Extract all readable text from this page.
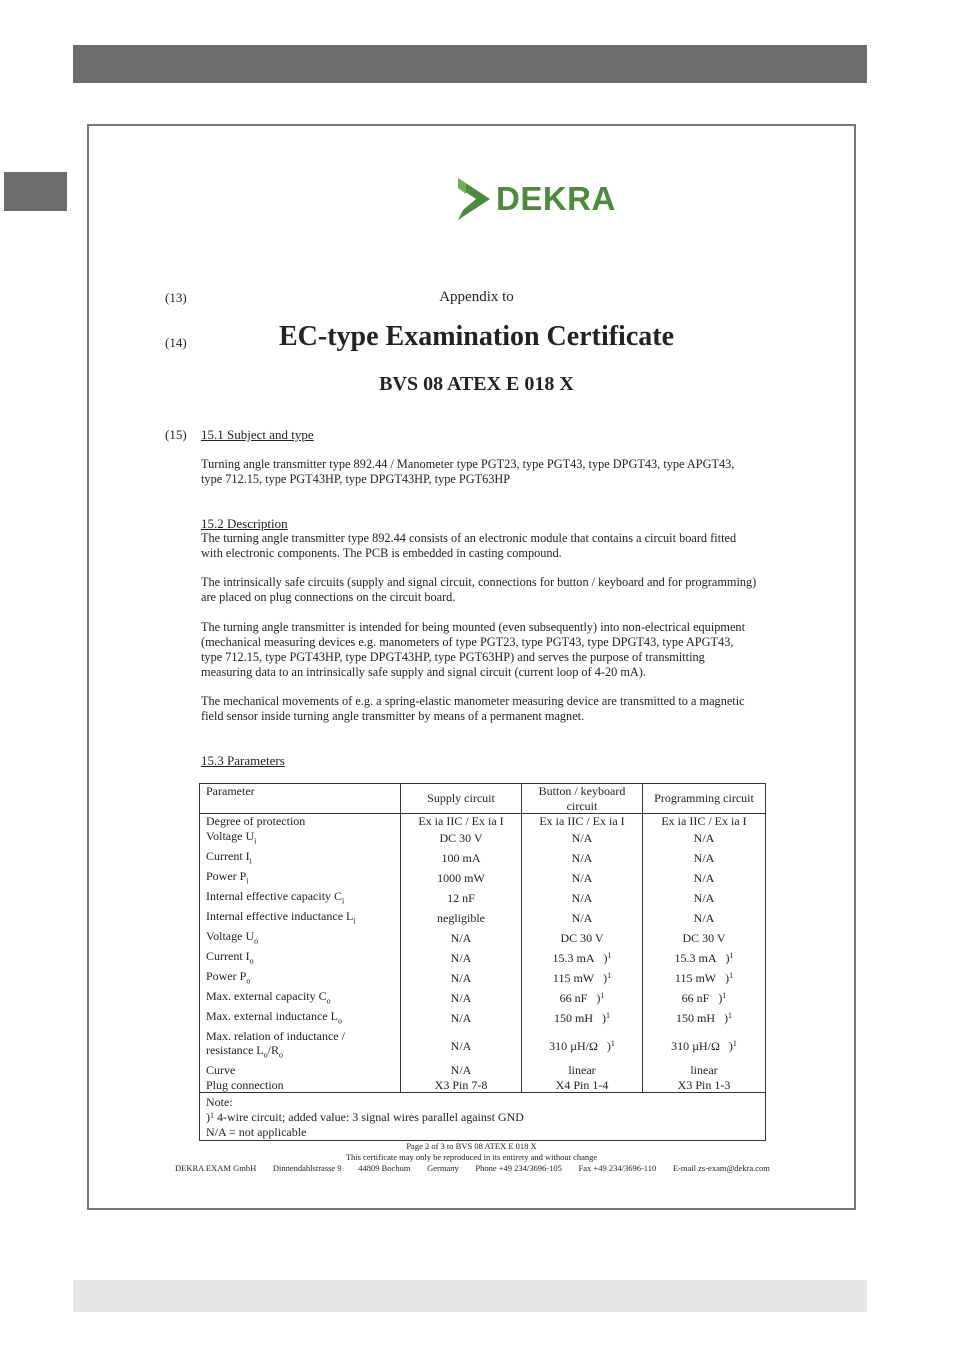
DEKRA
(13)	Appendix to
(14)	EC-type Examination Certificate
BVS 08 ATEX E 018 X
(15) 15.1 Subject and type
Turning angle transmitter type 892.44 / Manometer type PGT23, type PGT43, type DPGT43, type APGT43,
type 712.15, type PGT43HP, type DPGT43HP, type PGT63HP
15.2 Description
The turning angle transmitter type 892.44 consists of an electronic module that contains a circuit board fitted
with electronic components. The PCB is embedded in casting compound.
The intrinsically safe circuits (supply and signal circuit, connections for button / keyboard and for programming)
are placed on plug connections on the circuit board.
The turning angle transmitter is intended for being mounted (even subsequently) into non-electrical equipment
(mechanical measuring devices e.g. manometers of type PGT23, type PGT43, type DPGT43, type APGT43,
type 712.15, type PGT43HP, type DPGT43HP, type PGT63HP) and serves the purpose of transmitting
measuring data to an intrinsically safe supply and signal circuit (current loop of 4-20 mA).
The mechanical movements of e.g. a spring-elastic manometer measuring device are transmitted to a magnetic
field sensor inside turning angle transmitter by means of a permanent magnet.
15.3 Parameters
Parameter	Supply circuit	Button / keyboard circuit	Programming circuit
Degree of protection	Ex ia IIC / Ex ia I	Ex ia IIC / Ex ia I	Ex ia IIC / Ex ia I
Voltage $U_i$	DC 30 V	N/A	N/A
Current $I_i$	100 mA	N/A	N/A
Power $P_i$	1000 mW	N/A	N/A
Internal effective capacity $C_i$	12 nF	N/A	N/A
Internal effective inductance $L_i$	negligible	N/A	N/A
Voltage $U_o$	N/A	DC 30 V	DC 30 V
Current $I_o$	N/A	15.3 mA   )$^1$	15.3 mA   )$^1$
Power $P_o$	N/A	115 mW   )$^1$	115 mW   )$^1$
Max. external capacity $C_o$	N/A	66 nF   )$^1$	66 nF   )$^1$
Max. external inductance $L_o$	N/A	150 mH   )$^1$	150 mH   )$^1$

Max. relation of inductance /
resistance $L_o/R_o$	N/A	310 µH/Ω   )$^1$	310 µH/Ω   )$^1$
Curve	N/A	linear	linear
Plug connection	X3 Pin 7-8	X4 Pin 1-4	X3 Pin 1-3

Note:
)$^1$ 4-wire circuit; added value: 3 signal wires parallel against GND
N/A = not applicable			
Page 2 of 3 to BVS 08 ATEX E 018 X
This certificate may only be reproduced in its entirety and without change
DEKRA EXAM GmbH Dinnendahlstrasse 9 44809 Bochum Germany Phone +49 234/3696-105 Fax +49 234/3696-110 E-mail zs-exam@dekra.com
